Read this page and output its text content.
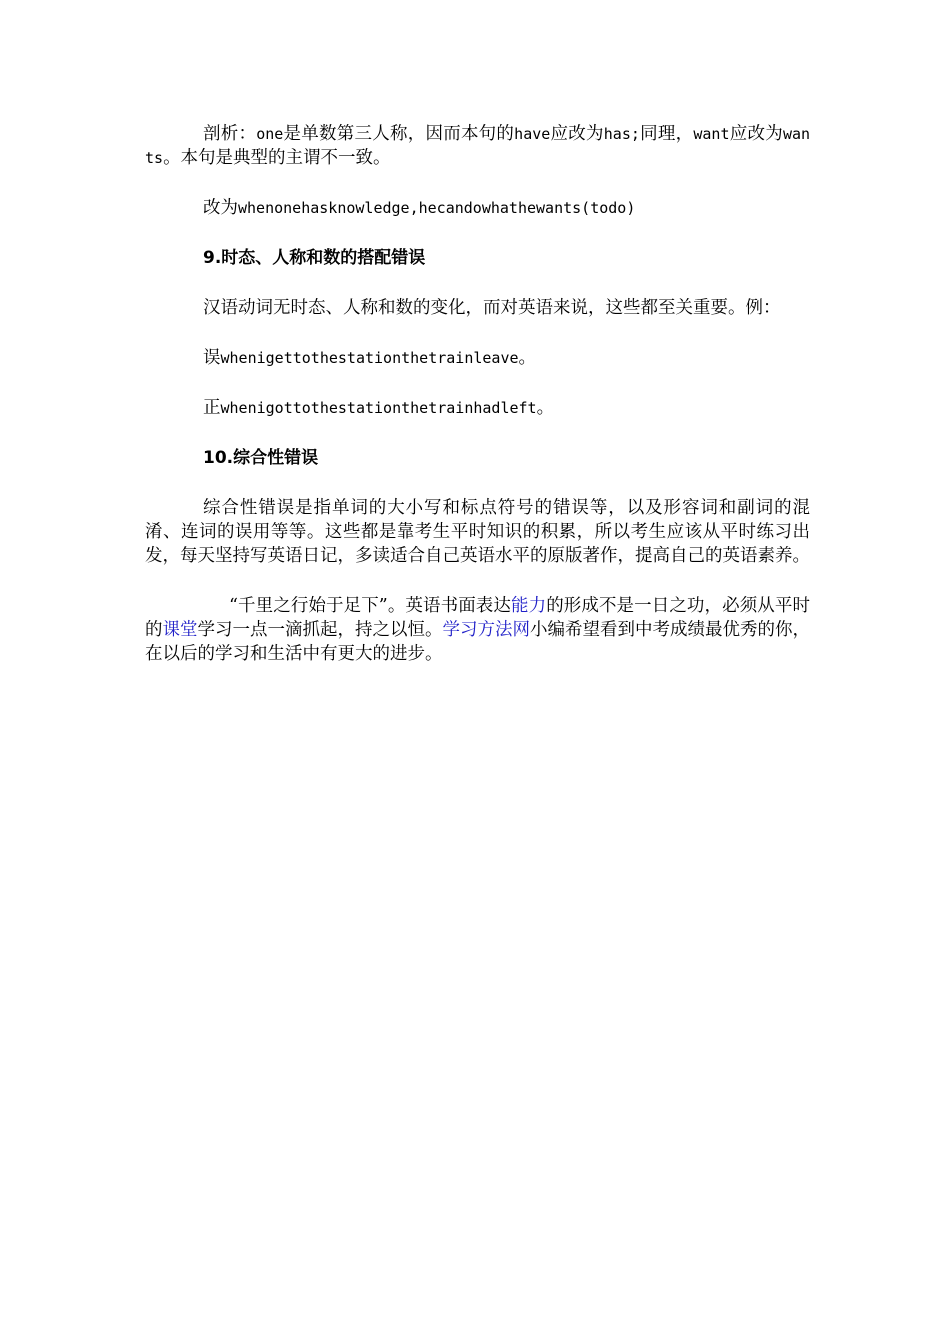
剖析：one是单数第三人称，因而本句的have应改为has;同理，want应改为wants。本句是典型的主谓不一致。

改为whenonehasknowledge,hecandowhathewants(todo)

9.时态、人称和数的搭配错误

汉语动词无时态、人称和数的变化，而对英语来说，这些都至关重要。例：

误whenigettothestationthetrainleave。

正whenigottothestationthetrainhadleft。

10.综合性错误

综合性错误是指单词的大小写和标点符号的错误等，以及形容词和副词的混淆、连词的误用等等。这些都是靠考生平时知识的积累，所以考生应该从平时练习出发，每天坚持写英语日记，多读适合自己英语水平的原版著作，提高自己的英语素养。

“千里之行始于足下”。英语书面表达能力的形成不是一日之功，必须从平时的课堂学习一点一滴抓起，持之以恒。学习方法网小编希望看到中考成绩最优秀的你，在以后的学习和生活中有更大的进步。
